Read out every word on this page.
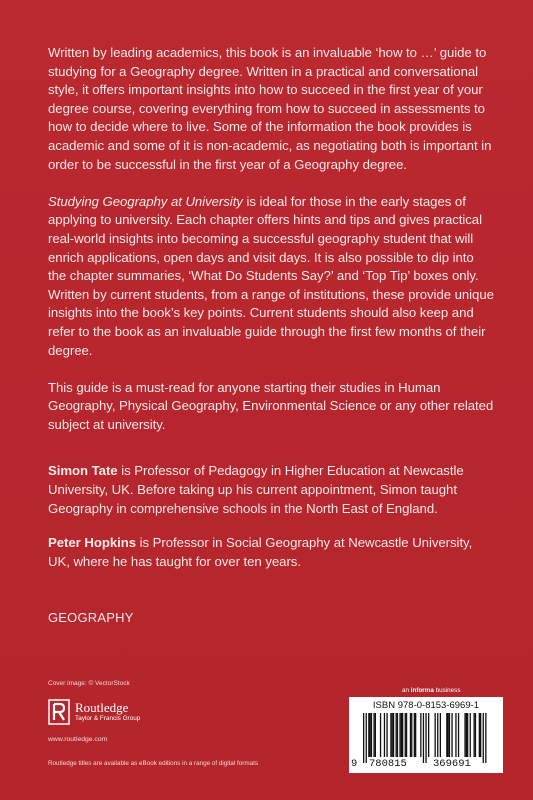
Written by leading academics, this book is an invaluable ‘how to …’ guide to studying for a Geography degree. Written in a practical and conversational style, it offers important insights into how to succeed in the first year of your degree course, covering everything from how to succeed in assessments to how to decide where to live. Some of the information the book provides is academic and some of it is non-academic, as negotiating both is important in order to be successful in the first year of a Geography degree.

Studying Geography at University is ideal for those in the early stages of applying to university. Each chapter offers hints and tips and gives practical real-world insights into becoming a successful geography student that will enrich applications, open days and visit days. It is also possible to dip into the chapter summaries, ‘What Do Students Say?’ and ‘Top Tip’ boxes only. Written by current students, from a range of institutions, these provide unique insights into the book’s key points. Current students should also keep and refer to the book as an invaluable guide through the first few months of their degree.

This guide is a must-read for anyone starting their studies in Human Geography, Physical Geography, Environmental Science or any other related subject at university.

Simon Tate is Professor of Pedagogy in Higher Education at Newcastle University, UK. Before taking up his current appointment, Simon taught Geography in comprehensive schools in the North East of England.

Peter Hopkins is Professor in Social Geography at Newcastle University, UK, where he has taught for over ten years.

GEOGRAPHY
Cover image: © VectorStock
Routledge
Taylor & Francis Group
www.routledge.com
Routledge titles are available as eBook editions in a range of digital formats
an informa business
ISBN 978-0-8153-6969-1
9 780815 369691
